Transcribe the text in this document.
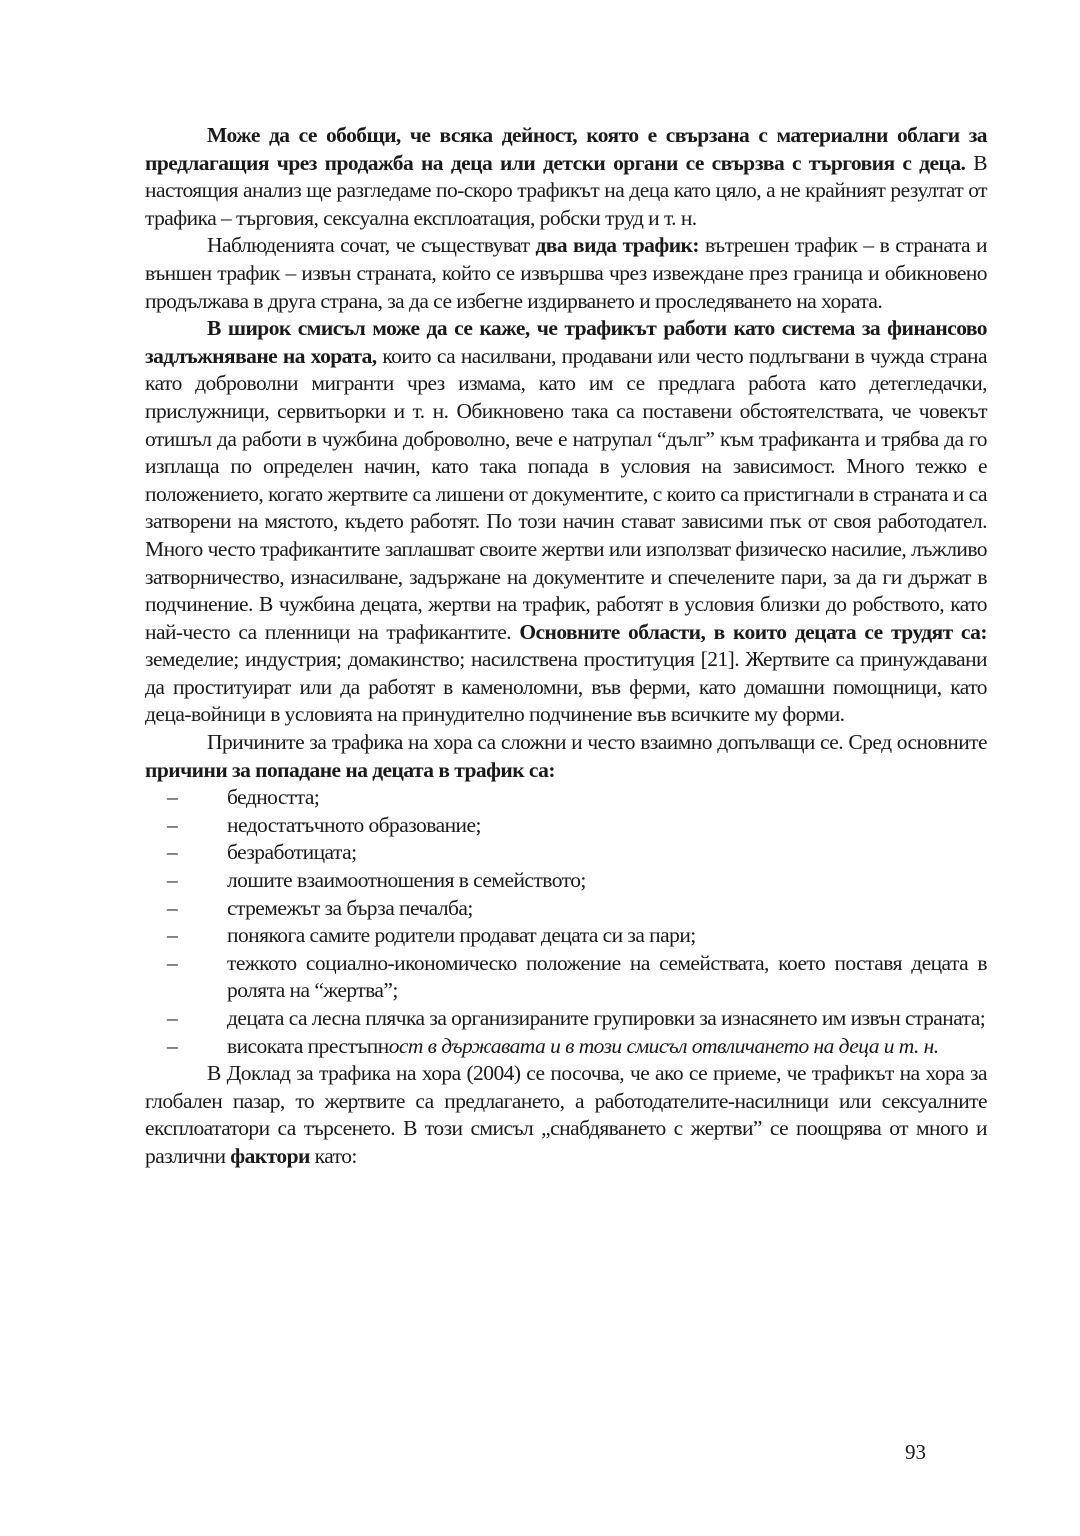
Може да се обобщи, че всяка дейност, която е свързана с материални облаги за предлагащия чрез продажба на деца или детски органи се свързва с търговия с деца. В настоящия анализ ще разгледаме по-скоро трафикът на деца като цяло, а не крайният резултат от трафика – търговия, сексуална експлоатация, робски труд и т. н.

Наблюденията сочат, че съществуват два вида трафик: вътрешен трафик – в страната и външен трафик – извън страната, който се извършва чрез извеждане през граница и обикновено продължава в друга страна, за да се избегне издирването и проследяването на хората.

В широк смисъл може да се каже, че трафикът работи като система за финансово задлъжняване на хората, които са насилвани, продавани или често подлъгвани в чужда страна като доброволни мигранти чрез измама, като им се предлага работа като детегледачки, прислужници, сервитьорки и т. н. Обикновено така са поставени обстоятелствата, че човекът отишъл да работи в чужбина доброволно, вече е натрупал “дълг” към трафиканта и трябва да го изплаща по определен начин, като така попада в условия на зависимост. Много тежко е положението, когато жертвите са лишени от документите, с които са пристигнали в страната и са затворени на мястото, където работят. По този начин стават зависими пък от своя работодател. Много често трафикантите заплашват своите жертви или използват физическо насилие, лъжливо затворничество, изнасилване, задържане на документите и спечелените пари, за да ги държат в подчинение. В чужбина децата, жертви на трафик, работят в условия близки до робството, като най-често са пленници на трафикантите. Основните области, в които децата се трудят са: земеделие; индустрия; домакинство; насилствена проституция [21]. Жертвите са принуждавани да проституират или да работят в каменоломни, във ферми, като домашни помощници, като деца-войници в условията на принудително подчинение във всичките му форми.

Причините за трафика на хора са сложни и често взаимно допълващи се. Сред основните причини за попадане на децата в трафик са:

– бедността;
– недостатъчното образование;
– безработицата;
– лошите взаимоотношения в семейството;
– стремежът за бърза печалба;
– понякога самите родители продават децата си за пари;
– тежкото социално-икономическо положение на семействата, което поставя децата в ролята на “жертва”;
– децата са лесна плячка за организираните групировки за изнасянето им извън страната;
– високата престъпност в държавата и в този смисъл отвличането на деца и т. н.

В Доклад за трафика на хора (2004) се посочва, че ако се приеме, че трафикът на хора за глобален пазар, то жертвите са предлагането, а работодателите-насилници или сексуалните експлоататори са търсенето. В този смисъл „снабдяването с жертви” се поощрява от много и различни фактори като:

93
